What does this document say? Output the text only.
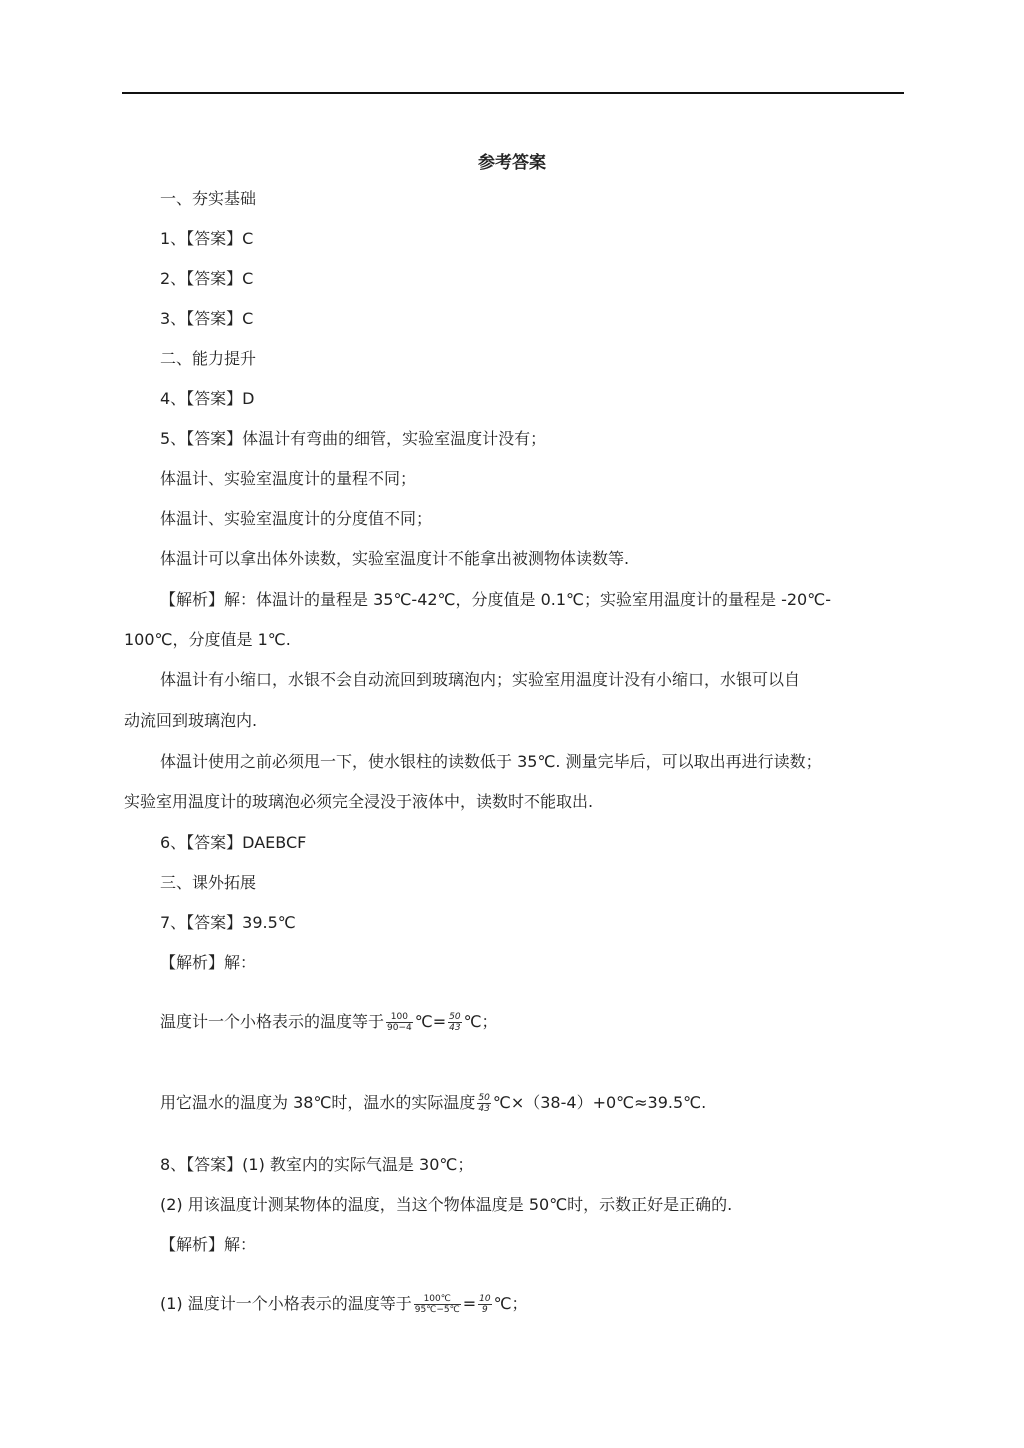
参考答案
一、夯实基础
1、【答案】C
2、【答案】C
3、【答案】C
二、能力提升
4、【答案】D
5、【答案】体温计有弯曲的细管，实验室温度计没有；
体温计、实验室温度计的量程不同；
体温计、实验室温度计的分度值不同；
体温计可以拿出体外读数，实验室温度计不能拿出被测物体读数等.
【解析】解：体温计的量程是 35℃-42℃，分度值是 0.1℃；实验室用温度计的量程是 -20℃-
100℃，分度值是 1℃.
体温计有小缩口，水银不会自动流回到玻璃泡内；实验室用温度计没有小缩口，水银可以自
动流回到玻璃泡内.
体温计使用之前必须甩一下，使水银柱的读数低于 35℃. 测量完毕后，可以取出再进行读数；
实验室用温度计的玻璃泡必须完全浸没于液体中，读数时不能取出.
6、【答案】DAEBCF
三、课外拓展
7、【答案】39.5℃
【解析】解：
温度计一个小格表示的温度等于 $\frac{100}{90-4}$ ℃= $\frac{50}{43}$ ℃；
用它温水的温度为 38℃时，温水的实际温度 $\frac{50}{43}$ ℃×（38-4）+0℃≈39.5℃.
8、【答案】(1) 教室内的实际气温是 30℃；
(2) 用该温度计测某物体的温度，当这个物体温度是 50℃时，示数正好是正确的.
【解析】解：
(1) 温度计一个小格表示的温度等于 $\frac{100℃}{95℃-5℃} = \frac{10}{9}$ ℃；
